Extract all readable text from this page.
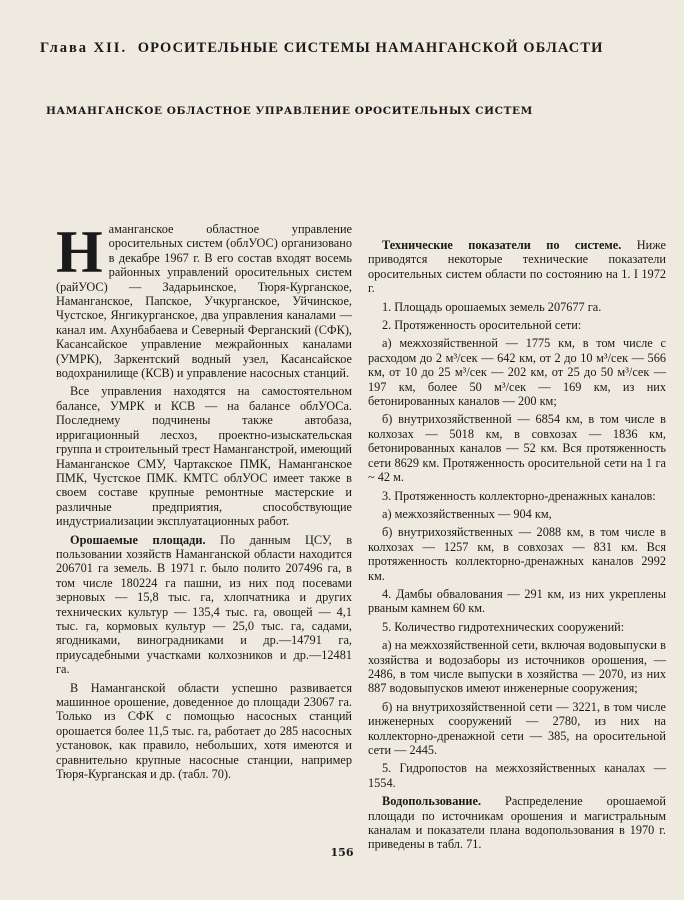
Глава XII. ОРОСИТЕЛЬНЫЕ СИСТЕМЫ НАМАНГАНСКОЙ ОБЛАСТИ
НАМАНГАНСКОЕ ОБЛАСТНОЕ УПРАВЛЕНИЕ ОРОСИТЕЛЬНЫХ СИСТЕМ

Наманганское областное управление оросительных систем (облУОС) организовано в декабре 1967 г. В его состав входят восемь районных управлений оросительных систем (райУОС) — Задарьинское, Тюря-Курганское, Наманганское, Папское, Учкурганское, Уйчинское, Чустское, Янгикурганское, два управления каналами — канал им. Ахунбабаева и Северный Ферганский (СФК), Касансайское управление межрайонных каналами (УМРК), Заркентский водный узел, Касансайское водохранилище (КСВ) и управление насосных станций.

Все управления находятся на самостоятельном балансе, УМРК и КСВ — на балансе облУОСа. Последнему подчинены также автобаза, ирригационный лесхоз, проектно-изыскательская группа и строительный трест Наманганстрой, имеющий Наманганское СМУ, Чартакское ПМК, Наманганское ПМК, Чустское ПМК. КМТС облУОС имеет также в своем составе крупные ремонтные мастерские и различные предприятия, способствующие индустриализации эксплуатационных работ.

Орошаемые площади. По данным ЦСУ, в пользовании хозяйств Наманганской области находится 206701 га земель. В 1971 г. было полито 207496 га, в том числе 180224 га пашни, из них под посевами зерновых — 15,8 тыс. га, хлопчатника и других технических культур — 135,4 тыс. га, овощей — 4,1 тыс. га, кормовых культур — 25,0 тыс. га, садами, ягодниками, виноградниками и др.—14791 га, приусадебными участками колхозников и др.—12481 га.

В Наманганской области успешно развивается машинное орошение, доведенное до площади 23067 га. Только из СФК с помощью насосных станций орошается более 11,5 тыс. га, работает до 285 насосных установок, как правило, небольших, хотя имеются и сравнительно крупные насосные станции, например Тюря-Курганская и др. (табл. 70).

Технические показатели по системе. Ниже приводятся некоторые технические показатели оросительных систем области по состоянию на 1. I 1972 г.

1. Площадь орошаемых земель 207677 га.

2. Протяженность оросительной сети:

а) межхозяйственной — 1775 км, в том числе с расходом до 2 м³/сек — 642 км, от 2 до 10 м³/сек — 566 км, от 10 до 25 м³/сек — 202 км, от 25 до 50 м³/сек — 197 км, более 50 м³/сек — 169 км, из них бетонированных каналов — 200 км;

б) внутрихозяйственной — 6854 км, в том числе в колхозах — 5018 км, в совхозах — 1836 км, бетонированных каналов — 52 км. Вся протяженность сети 8629 км. Протяженность оросительной сети на 1 га ~ 42 м.

3. Протяженность коллекторно-дренажных каналов:

а) межхозяйственных — 904 км,

б) внутрихозяйственных — 2088 км, в том числе в колхозах — 1257 км, в совхозах — 831 км. Вся протяженность коллекторно-дренажных каналов 2992 км.

4. Дамбы обвалования — 291 км, из них укреплены рваным камнем 60 км.

5. Количество гидротехнических сооружений:

а) на межхозяйственной сети, включая водовыпуски в хозяйства и водозаборы из источников орошения, — 2486, в том числе выпуски в хозяйства — 2070, из них 887 водовыпусков имеют инженерные сооружения;

б) на внутрихозяйственной сети — 3221, в том числе инженерных сооружений — 2780, из них на коллекторно-дренажной сети — 385, на оросительной сети — 2445.

5. Гидропостов на межхозяйственных каналах — 1554.

Водопользование. Распределение орошаемой площади по источникам орошения и магистральным каналам и показатели плана водопользования в 1970 г. приведены в табл. 71.

156
